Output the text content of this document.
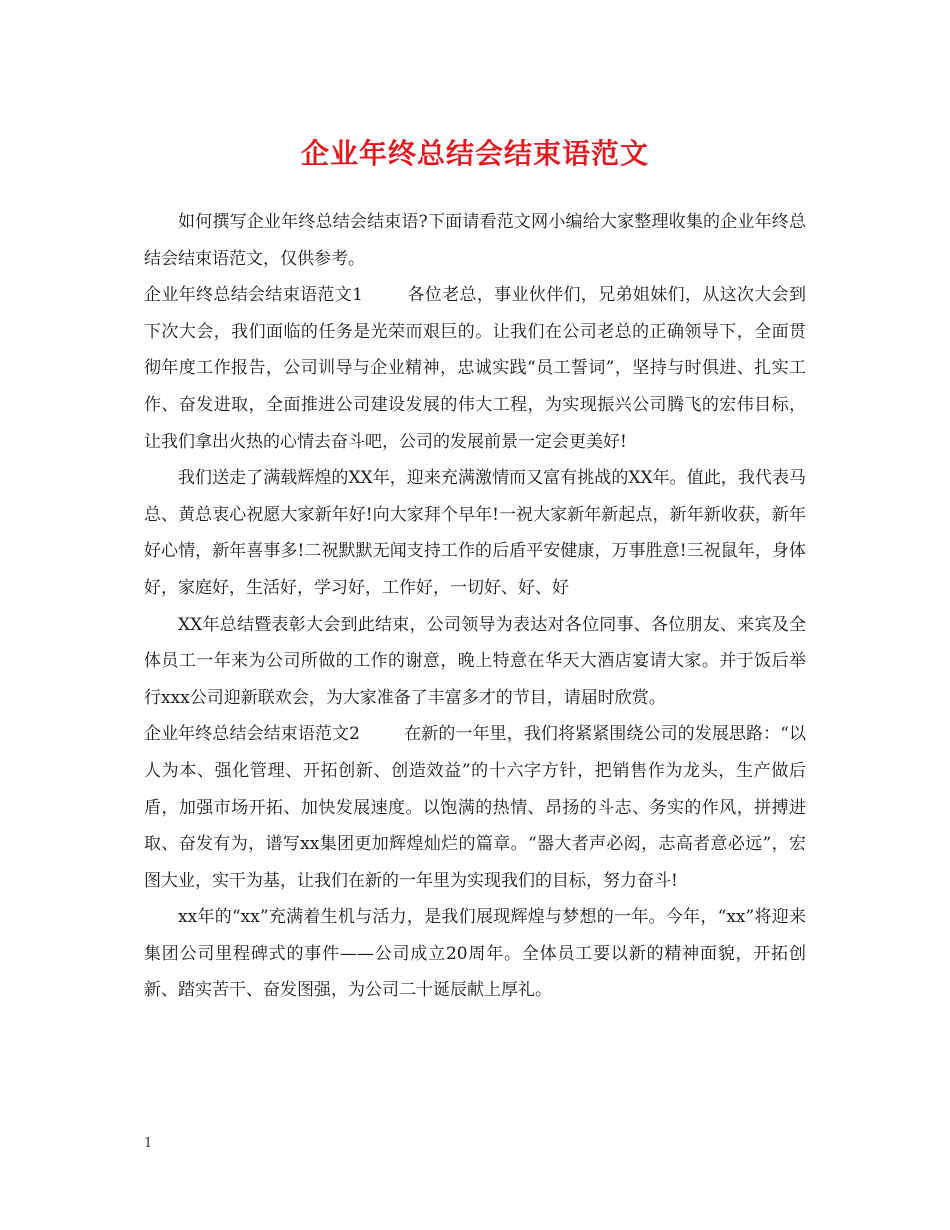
企业年终总结会结束语范文

如何撰写企业年终总结会结束语?下面请看范文网小编给大家整理收集的企业年终总结会结束语范文，仅供参考。

企业年终总结会结束语范文1	各位老总，事业伙伴们，兄弟姐妹们，从这次大会到下次大会，我们面临的任务是光荣而艰巨的。让我们在公司老总的正确领导下，全面贯彻年度工作报告，公司训导与企业精神，忠诚实践“员工誓词”，坚持与时俱进、扎实工作、奋发进取，全面推进公司建设发展的伟大工程，为实现振兴公司腾飞的宏伟目标，让我们拿出火热的心情去奋斗吧，公司的发展前景一定会更美好!

我们送走了满载辉煌的XX年，迎来充满激情而又富有挑战的XX年。值此，我代表马总、黄总衷心祝愿大家新年好!向大家拜个早年!一祝大家新年新起点，新年新收获，新年好心情，新年喜事多!二祝默默无闻支持工作的后盾平安健康，万事胜意!三祝鼠年，身体好，家庭好，生活好，学习好，工作好，一切好、好、好

XX年总结暨表彰大会到此结束，公司领导为表达对各位同事、各位朋友、来宾及全体员工一年来为公司所做的工作的谢意，晚上特意在华天大酒店宴请大家。并于饭后举行xxx公司迎新联欢会，为大家准备了丰富多才的节目，请届时欣赏。

企业年终总结会结束语范文2	在新的一年里，我们将紧紧围绕公司的发展思路：“以人为本、强化管理、开拓创新、创造效益”的十六字方针，把销售作为龙头，生产做后盾，加强市场开拓、加快发展速度。以饱满的热情、昂扬的斗志、务实的作风，拼搏进取、奋发有为，谱写xx集团更加辉煌灿烂的篇章。“器大者声必闳，志高者意必远”，宏图大业，实干为基，让我们在新的一年里为实现我们的目标，努力奋斗!

xx年的“xx”充满着生机与活力，是我们展现辉煌与梦想的一年。今年，“xx”将迎来集团公司里程碑式的事件——公司成立20周年。全体员工要以新的精神面貌，开拓创新、踏实苦干、奋发图强，为公司二十诞辰献上厚礼。

1
